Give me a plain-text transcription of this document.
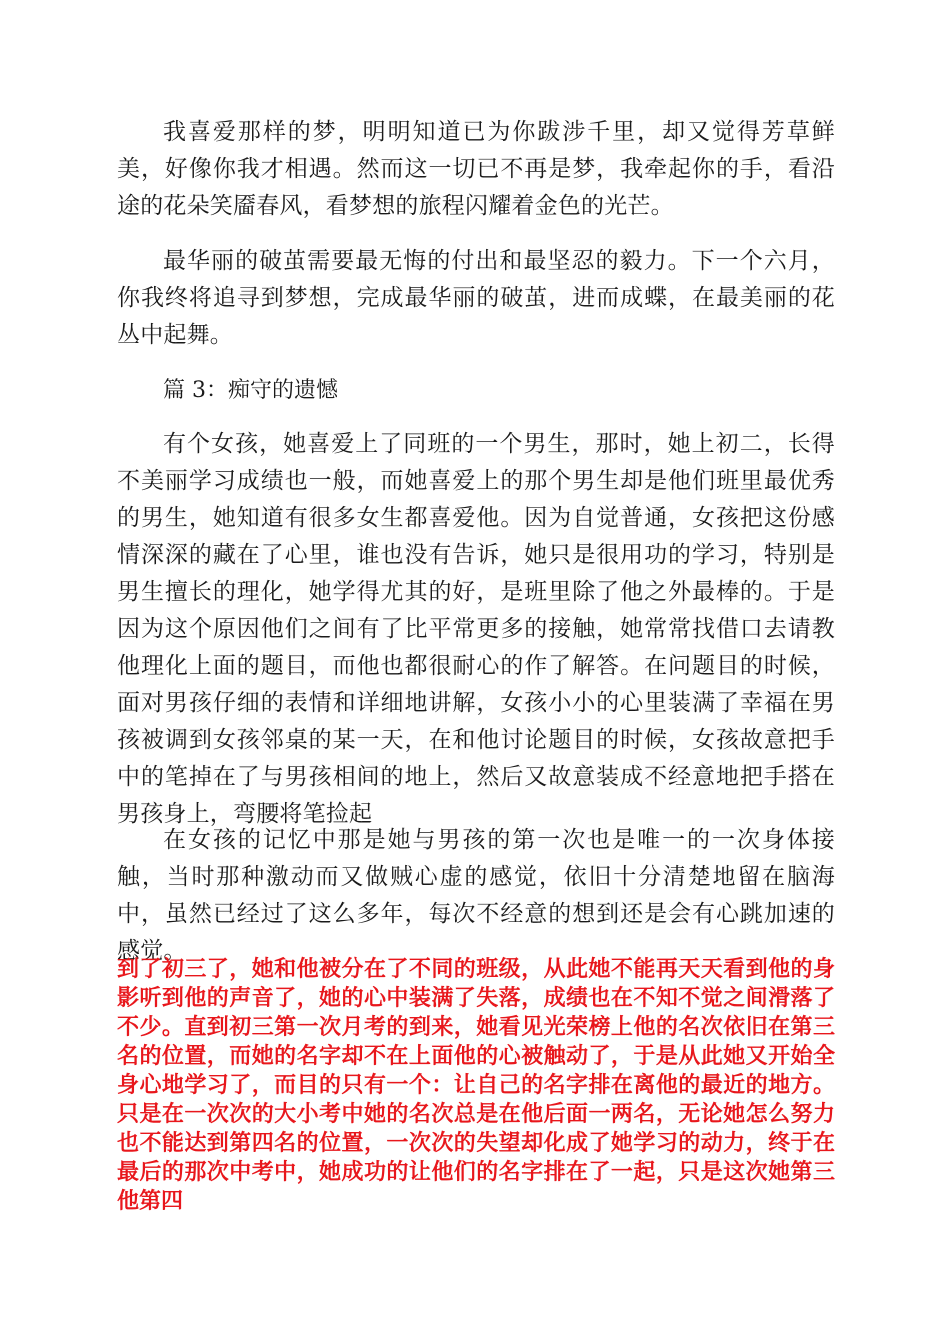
我喜爱那样的梦，明明知道已为你跋涉千里，却又觉得芳草鲜美，好像你我才相遇。然而这一切已不再是梦，我牵起你的手，看沿途的花朵笑靥春风，看梦想的旅程闪耀着金色的光芒。

最华丽的破茧需要最无悔的付出和最坚忍的毅力。下一个六月，你我终将追寻到梦想，完成最华丽的破茧，进而成蝶，在最美丽的花丛中起舞。

篇 3：痴守的遗憾

有个女孩，她喜爱上了同班的一个男生，那时，她上初二，长得不美丽学习成绩也一般，而她喜爱上的那个男生却是他们班里最优秀的男生，她知道有很多女生都喜爱他。因为自觉普通，女孩把这份感情深深的藏在了心里，谁也没有告诉，她只是很用功的学习，特别是男生擅长的理化，她学得尤其的好，是班里除了他之外最棒的。于是因为这个原因他们之间有了比平常更多的接触，她常常找借口去请教他理化上面的题目，而他也都很耐心的作了解答。在问题目的时候，面对男孩仔细的表情和详细地讲解，女孩小小的心里装满了幸福在男孩被调到女孩邻桌的某一天，在和他讨论题目的时候，女孩故意把手中的笔掉在了与男孩相间的地上，然后又故意装成不经意地把手搭在男孩身上，弯腰将笔捡起

在女孩的记忆中那是她与男孩的第一次也是唯一的一次身体接触，当时那种激动而又做贼心虚的感觉，依旧十分清楚地留在脑海中，虽然已经过了这么多年，每次不经意的想到还是会有心跳加速的感觉。

到了初三了，她和他被分在了不同的班级，从此她不能再天天看到他的身影听到他的声音了，她的心中装满了失落，成绩也在不知不觉之间滑落了不少。直到初三第一次月考的到来，她看见光荣榜上他的名次依旧在第三名的位置，而她的名字却不在上面他的心被触动了，于是从此她又开始全身心地学习了，而目的只有一个：让自己的名字排在离他的最近的地方。只是在一次次的大小考中她的名次总是在他后面一两名，无论她怎么努力也不能达到第四名的位置，一次次的失望却化成了她学习的动力，终于在最后的那次中考中，她成功的让他们的名字排在了一起，只是这次她第三他第四
